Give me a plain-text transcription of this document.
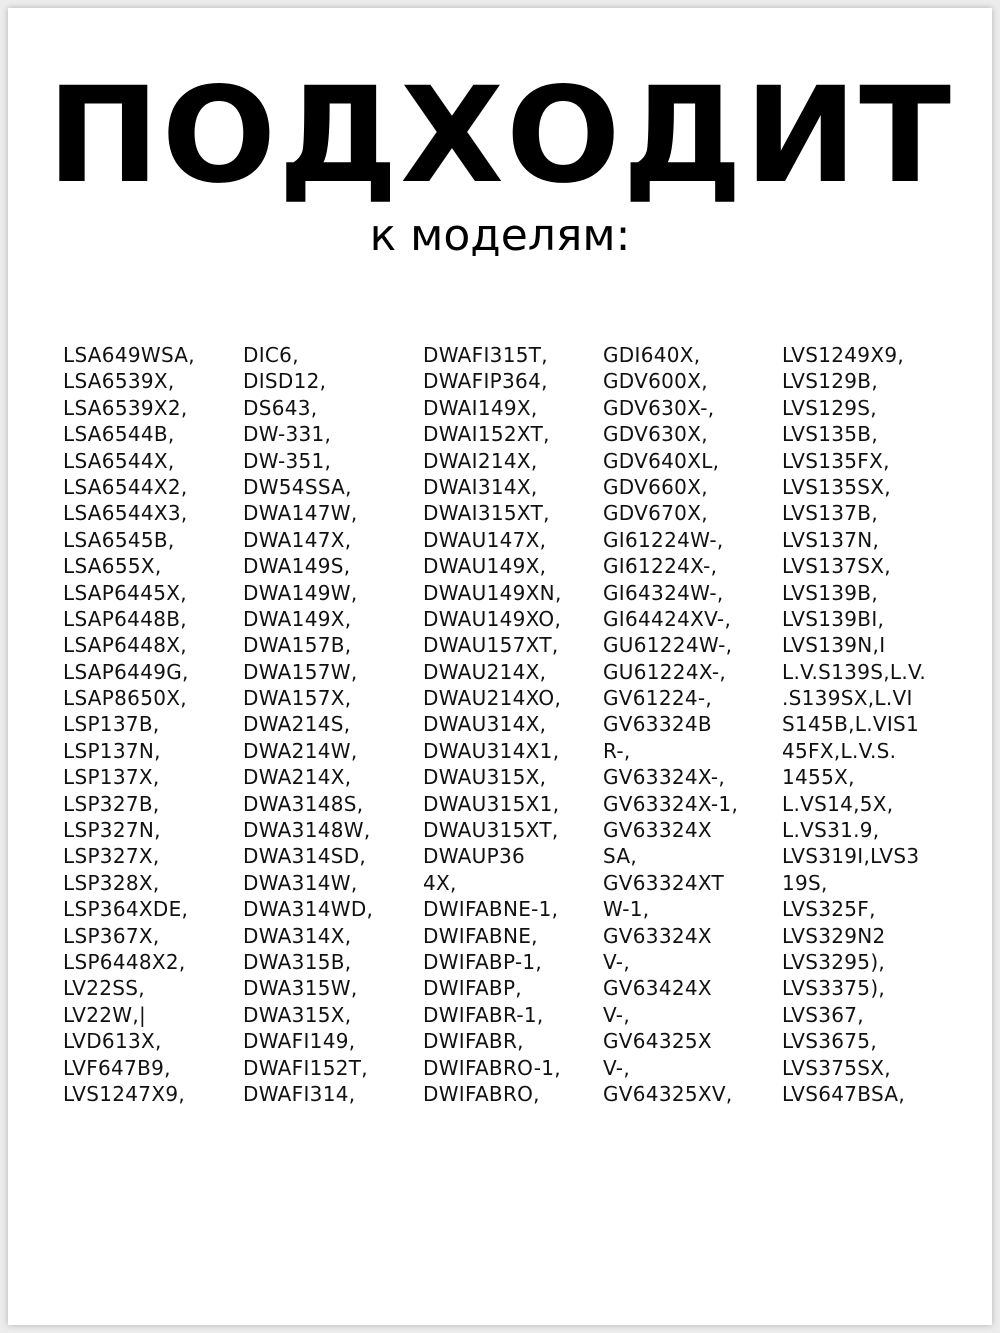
ПОДХОДИТ
к моделям:
LSA649WSA,
LSA6539X,
LSA6539X2,
LSA6544B,
LSA6544X,
LSA6544X2,
LSA6544X3,
LSA6545B,
LSA655X,
LSAP6445X,
LSAP6448B,
LSAP6448X,
LSAP6449G,
LSAP8650X,
LSP137B,
LSP137N,
LSP137X,
LSP327B,
LSP327N,
LSP327X,
LSP328X,
LSP364XDE,
LSP367X,
LSP6448X2,
LV22SS,
LV22W,|
LVD613X,
LVF647B9,
LVS1247X9,
DIC6,
DISD12,
DS643,
DW-331,
DW-351,
DW54SSA,
DWA147W,
DWA147X,
DWA149S,
DWA149W,
DWA149X,
DWA157B,
DWA157W,
DWA157X,
DWA214S,
DWA214W,
DWA214X,
DWA3148S,
DWA3148W,
DWA314SD,
DWA314W,
DWA314WD,
DWA314X,
DWA315B,
DWA315W,
DWA315X,
DWAFI149,
DWAFI152T,
DWAFI314,
DWAFI315T,
DWAFIP364,
DWAI149X,
DWAI152XT,
DWAI214X,
DWAI314X,
DWAI315XT,
DWAU147X,
DWAU149X,
DWAU149XN,
DWAU149XO,
DWAU157XT,
DWAU214X,
DWAU214XO,
DWAU314X,
DWAU314X1,
DWAU315X,
DWAU315X1,
DWAU315XT,
DWAUP36
4X,
DWIFABNE-1,
DWIFABNE,
DWIFABP-1,
DWIFABP,
DWIFABR-1,
DWIFABR,
DWIFABRO-1,
DWIFABRO,
GDI640X,
GDV600X,
GDV630X-,
GDV630X,
GDV640XL,
GDV660X,
GDV670X,
GI61224W-,
GI61224X-,
GI64324W-,
GI64424XV-,
GU61224W-,
GU61224X-,
GV61224-,
GV63324B
R-,
GV63324X-,
GV63324X-1,
GV63324X
SA,
GV63324XT
W-1,
GV63324X
V-,
GV63424X
V-,
GV64325X
V-,
GV64325XV,
LVS1249X9,
LVS129B,
LVS129S,
LVS135B,
LVS135FX,
LVS135SX,
LVS137B,
LVS137N,
LVS137SX,
LVS139B,
LVS139BI,
LVS139N,I
L.V.S139S,L.V.
.S139SX,L.VI
S145B,L.VIS1
45FX,L.V.S.
1455X,
L.VS14,5X,
L.VS31.9,
LVS319I,LVS3
19S,
LVS325F,
LVS329N2
LVS3295),
LVS3375),
LVS367,
LVS3675,
LVS375SX,
LVS647BSA,
